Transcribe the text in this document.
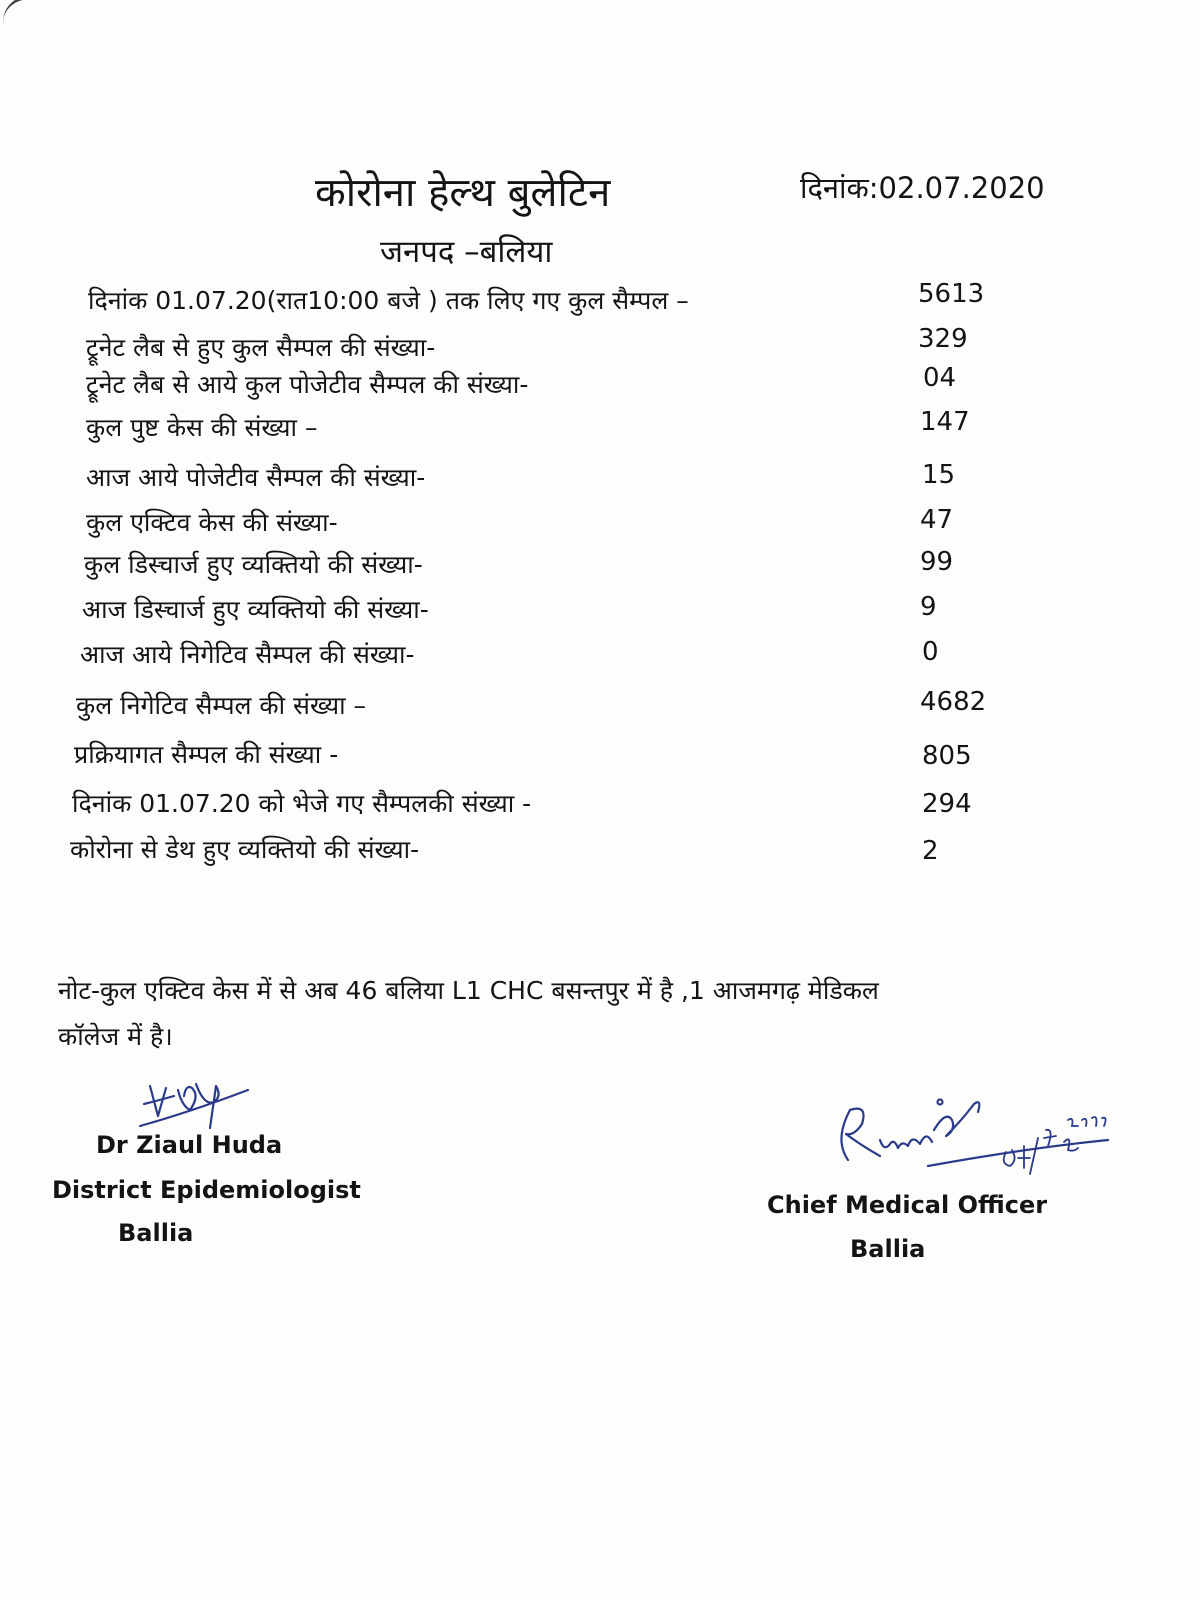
कोरोना हेल्थ बुलेटिन	दिनांक:02.07.2020
जनपद –बलिया
दिनांक 01.07.20(रात10:00 बजे ) तक लिए गए कुल सैम्पल –	5613
ट्रूनेट लैब से हुए कुल सैम्पल की संख्या-	329
ट्रूनेट लैब से आये कुल पोजेटीव सैम्पल की संख्या-	04
कुल पुष्ट केस की संख्या –	147
आज आये पोजेटीव सैम्पल की संख्या-	15
कुल एक्टिव केस की संख्या-	47
कुल डिस्चार्ज हुए व्यक्तियो की संख्या-	99
आज डिस्चार्ज हुए व्यक्तियो की संख्या-	9
आज आये निगेटिव सैम्पल की संख्या-	0
कुल निगेटिव सैम्पल की संख्या –	4682
प्रक्रियागत सैम्पल की संख्या -	805
दिनांक 01.07.20 को भेजे गए सैम्पलकी संख्या -	294
कोरोना से डेथ हुए व्यक्तियो की संख्या-	2
नोट-कुल एक्टिव केस में से अब 46 बलिया L1 CHC बसन्तपुर में है ,1 आजमगढ़ मेडिकल
कॉलेज में है।
Dr Ziaul Huda
District Epidemiologist
Ballia
Chief Medical Officer
Ballia
